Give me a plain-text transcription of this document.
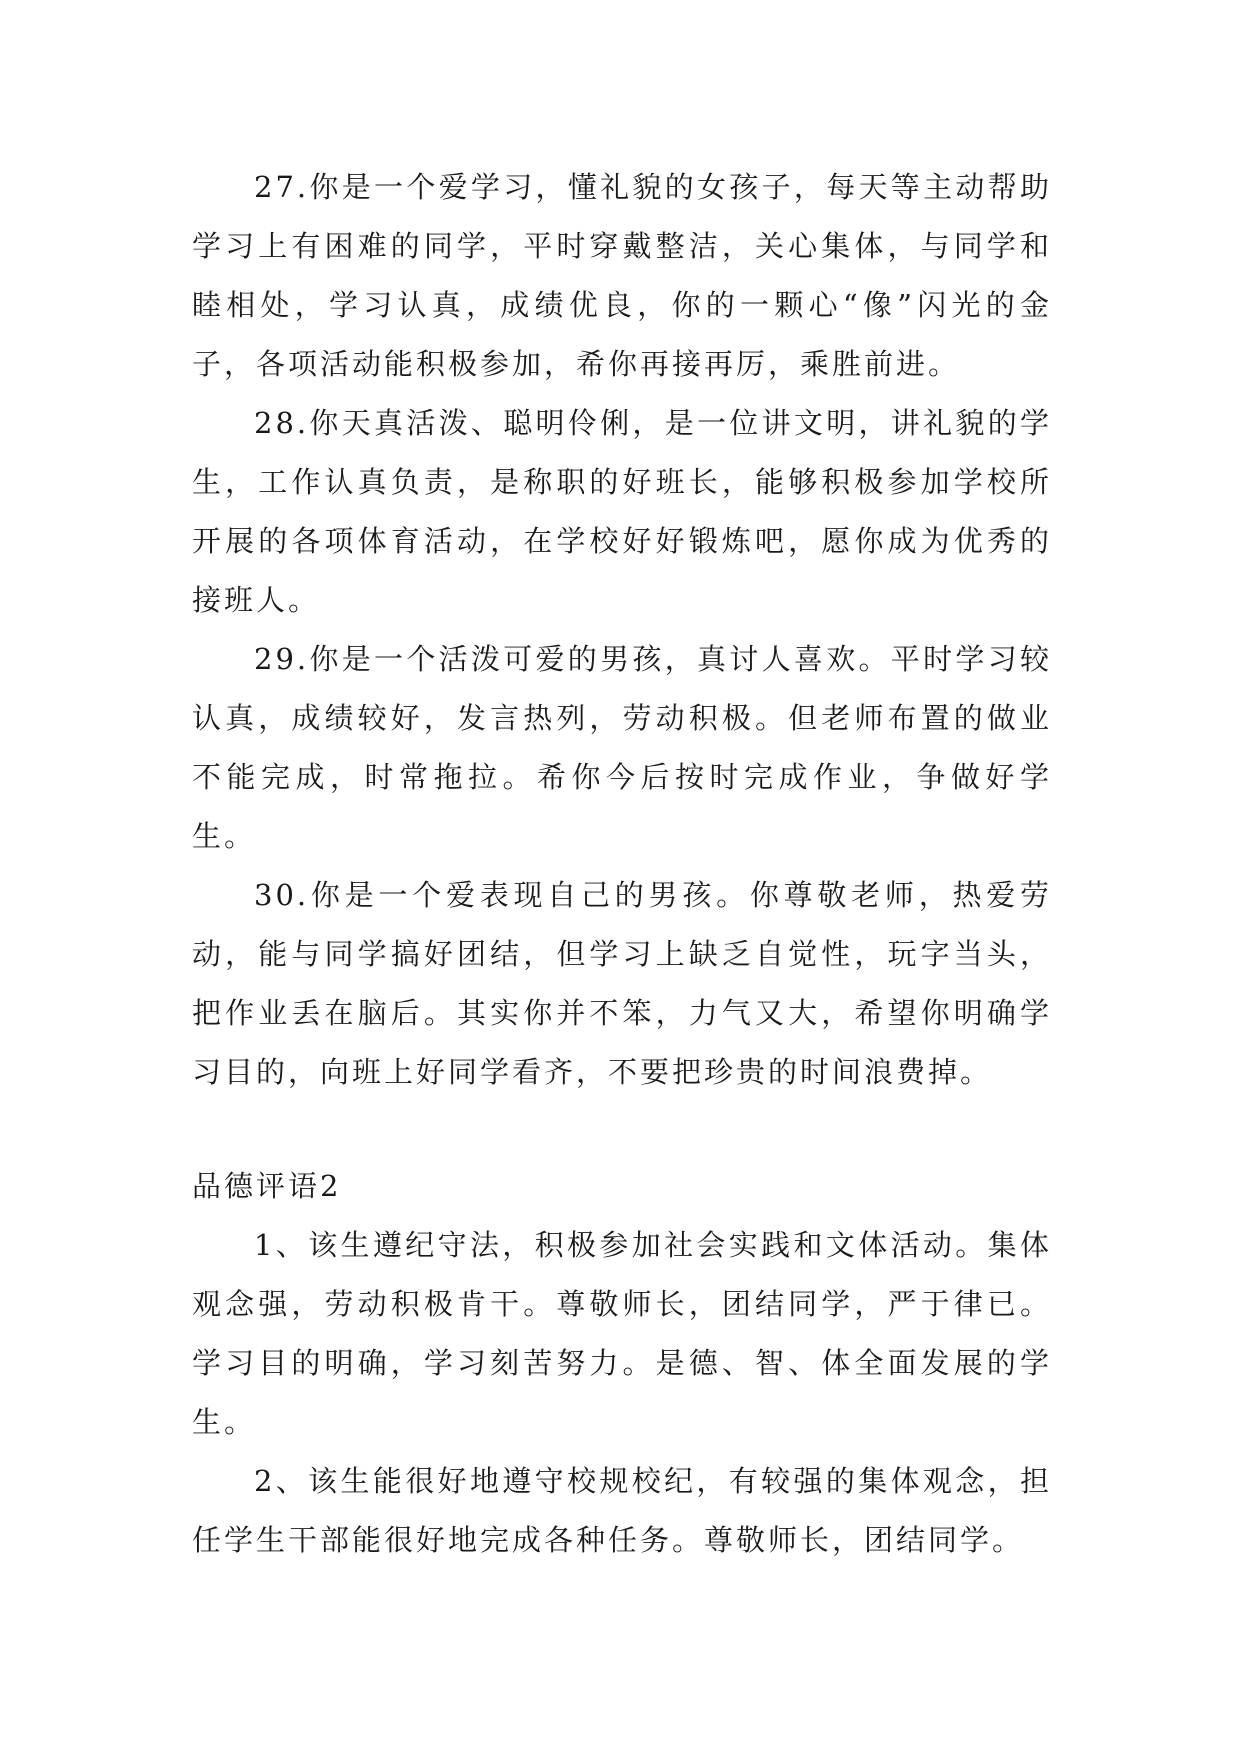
27.你是一个爱学习，懂礼貌的女孩子，每天等主动帮助学习上有困难的同学，平时穿戴整洁，关心集体，与同学和睦相处，学习认真，成绩优良，你的一颗心“像”闪光的金子，各项活动能积极参加，希你再接再厉，乘胜前进。

28.你天真活泼、聪明伶俐，是一位讲文明，讲礼貌的学生，工作认真负责，是称职的好班长，能够积极参加学校所开展的各项体育活动，在学校好好锻炼吧，愿你成为优秀的接班人。

29.你是一个活泼可爱的男孩，真讨人喜欢。平时学习较认真，成绩较好，发言热列，劳动积极。但老师布置的做业不能完成，时常拖拉。希你今后按时完成作业，争做好学生。

30.你是一个爱表现自己的男孩。你尊敬老师，热爱劳动，能与同学搞好团结，但学习上缺乏自觉性，玩字当头，把作业丢在脑后。其实你并不笨，力气又大，希望你明确学习目的，向班上好同学看齐，不要把珍贵的时间浪费掉。

品德评语2

1、该生遵纪守法，积极参加社会实践和文体活动。集体观念强，劳动积极肯干。尊敬师长，团结同学，严于律已。学习目的明确，学习刻苦努力。是德、智、体全面发展的学生。

2、该生能很好地遵守校规校纪，有较强的集体观念，担任学生干部能很好地完成各种任务。尊敬师长，团结同学。
